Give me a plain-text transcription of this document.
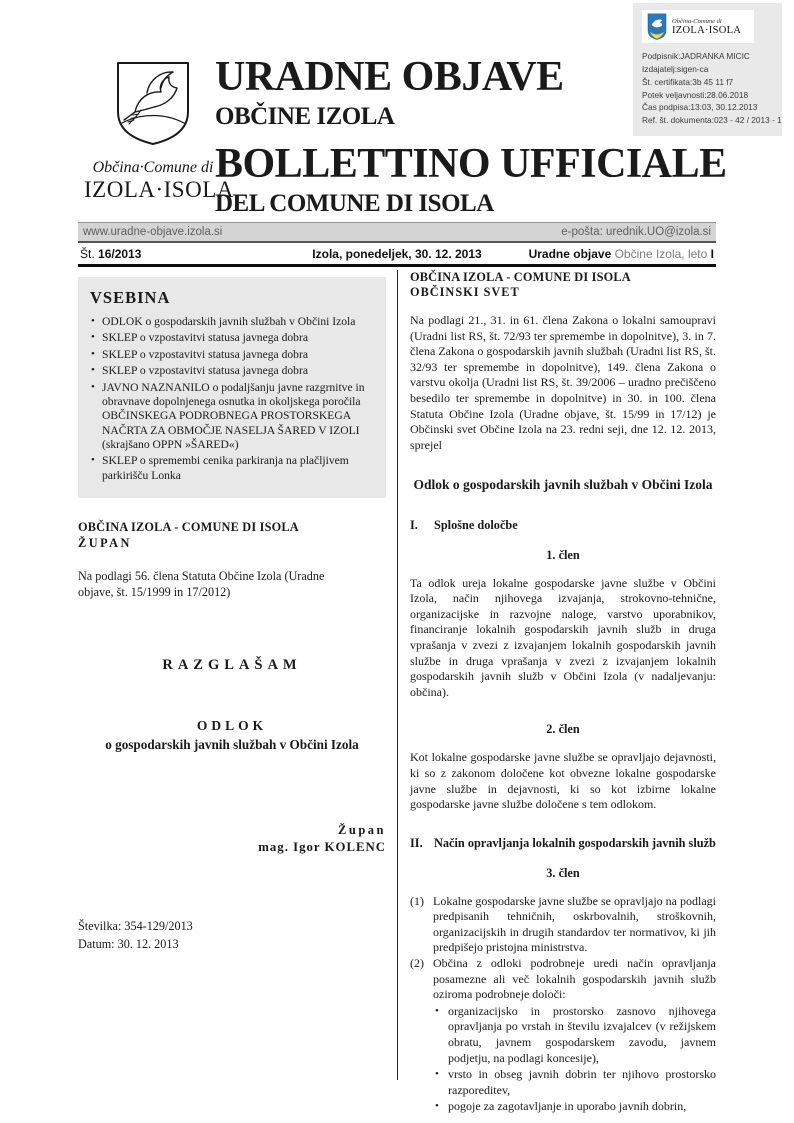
Občina-Comune di
IZOLA·ISOLA
Podpisnik:JADRANKA MICIC
Izdajatelj:sigen-ca
Št. certifikata:3b 45 11 f7
Potek veljavnosti:28.06.2018
Čas podpisa:13:03, 30.12.2013
Ref. št. dokumenta:023 - 42 / 2013 - 1
Občina·Comune di
IZOLA·ISOLA
URADNE OBJAVE
OBČINE IZOLA
BOLLETTINO UFFICIALE
DEL COMUNE DI ISOLA
www.uradne-objave.izola.si	e-pošta: urednik.UO@izola.si
Št. 16/2013	Izola, ponedeljek, 30. 12. 2013	Uradne objave Občine Izola, leto I
VSEBINA
• ODLOK o gospodarskih javnih službah v Občini Izola
• SKLEP o vzpostavitvi statusa javnega dobra
• SKLEP o vzpostavitvi statusa javnega dobra
• SKLEP o vzpostavitvi statusa javnega dobra
• JAVNO NAZNANILO o podaljšanju javne razgrnitve in obravnave dopolnjenega osnutka in okoljskega poročila OBČINSKEGA PODROBNEGA PROSTORSKEGA NAČRTA ZA OBMOČJE NASELJA ŠARED V IZOLI (skrajšano OPPN »ŠARED«)
• SKLEP o spremembi cenika parkiranja na plačljivem parkirišču Lonka
OBČINA IZOLA - COMUNE DI ISOLA
ŽUPAN
Na podlagi 56. člena Statuta Občine Izola (Uradne objave, št. 15/1999 in 17/2012)
RAZGLAŠAM
ODLOK
o gospodarskih javnih službah v Občini Izola
Župan
mag. Igor KOLENC
Številka: 354-129/2013
Datum: 30. 12. 2013
OBČINA IZOLA - COMUNE DI ISOLA
OBČINSKI SVET
Na podlagi 21., 31. in 61. člena Zakona o lokalni samoupravi (Uradni list RS, št. 72/93 ter spremembe in dopolnitve), 3. in 7. člena Zakona o gospodarskih javnih službah (Uradni list RS, št. 32/93 ter spremembe in dopolnitve), 149. člena Zakona o varstvu okolja (Uradni list RS, št. 39/2006 – uradno prečiščeno besedilo ter spremembe in dopolnitve) in 30. in 100. člena Statuta Občine Izola (Uradne objave, št. 15/99 in 17/12) je Občinski svet Občine Izola na 23. redni seji, dne 12. 12. 2013, sprejel
Odlok o gospodarskih javnih službah v Občini Izola
I.	Splošne določbe
1. člen
Ta odlok ureja lokalne gospodarske javne službe v Občini Izola, način njihovega izvajanja, strokovno-tehnične, organizacijske in razvojne naloge, varstvo uporabnikov, financiranje lokalnih gospodarskih javnih služb in druga vprašanja v zvezi z izvajanjem lokalnih gospodarskih javnih službe in druga vprašanja v zvezi z izvajanjem lokalnih gospodarskih javnih služb v Občini Izola (v nadaljevanju: občina).
2. člen
Kot lokalne gospodarske javne službe se opravljajo dejavnosti, ki so z zakonom določene kot obvezne lokalne gospodarske javne službe in dejavnosti, ki so kot izbirne lokalne gospodarske javne službe določene s tem odlokom.
II. Način opravljanja lokalnih gospodarskih javnih služb
3. člen
(1) Lokalne gospodarske javne službe se opravljajo na podlagi predpisanih tehničnih, oskrbovalnih, stroškovnih, organizacijskih in drugih standardov ter normativov, ki jih predpišejo pristojna ministrstva.
(2) Občina z odloki podrobneje uredi način opravljanja posamezne ali več lokalnih gospodarskih javnih služb oziroma podrobneje določi:
• organizacijsko in prostorsko zasnovo njihovega opravljanja po vrstah in številu izvajalcev (v režijskem obratu, javnem gospodarskem zavodu, javnem podjetju, na podlagi koncesije),
• vrsto in obseg javnih dobrin ter njihovo prostorsko razporeditev,
• pogoje za zagotavljanje in uporabo javnih dobrin,
